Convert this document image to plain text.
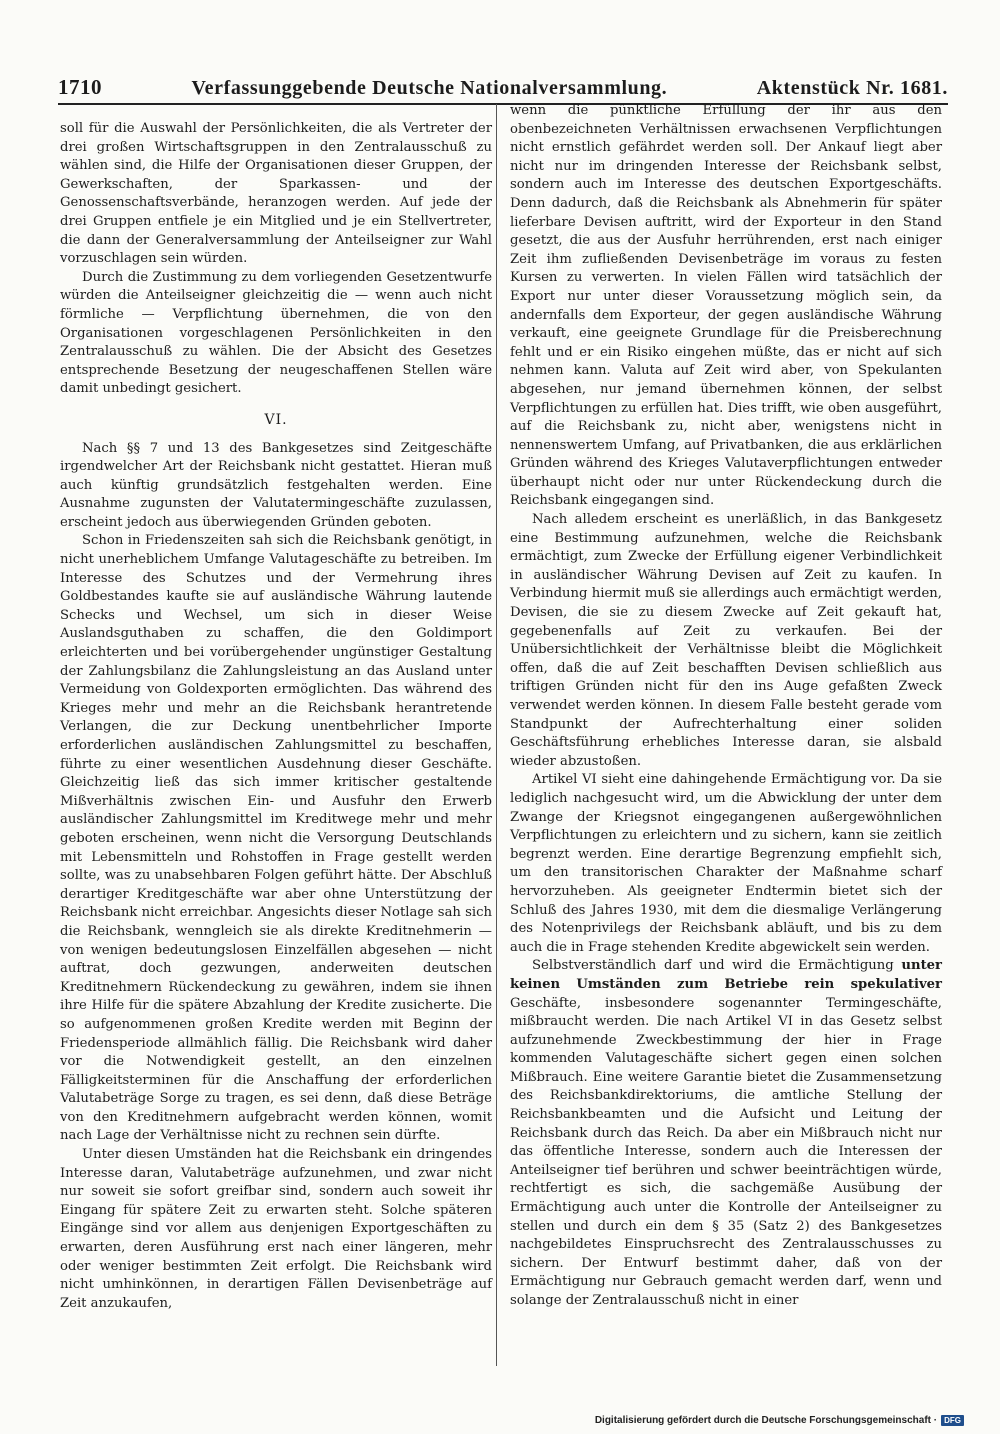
1710	Verfassunggebende Deutsche Nationalversammlung.	Aktenstück Nr. 1681.

soll für die Auswahl der Persönlichkeiten, die als Vertreter der drei großen Wirtschaftsgruppen in den Zentralausschuß zu wählen sind, die Hilfe der Organisationen dieser Gruppen, der Gewerkschaften, der Sparkassen- und der Genossenschaftsverbände, heranzogen werden. Auf jede der drei Gruppen entfiele je ein Mitglied und je ein Stellvertreter, die dann der Generalversammlung der Anteilseigner zur Wahl vorzuschlagen sein würden.

Durch die Zustimmung zu dem vorliegenden Gesetzentwurfe würden die Anteilseigner gleichzeitig die — wenn auch nicht förmliche — Verpflichtung übernehmen, die von den Organisationen vorgeschlagenen Persönlichkeiten in den Zentralausschuß zu wählen. Die der Absicht des Gesetzes entsprechende Besetzung der neugeschaffenen Stellen wäre damit unbedingt gesichert.

VI.

Nach §§ 7 und 13 des Bankgesetzes sind Zeitgeschäfte irgendwelcher Art der Reichsbank nicht gestattet. Hieran muß auch künftig grundsätzlich festgehalten werden. Eine Ausnahme zugunsten der Valutatermingeschäfte zuzulassen, erscheint jedoch aus überwiegenden Gründen geboten.

Schon in Friedenszeiten sah sich die Reichsbank genötigt, in nicht unerheblichem Umfange Valutageschäfte zu betreiben. Im Interesse des Schutzes und der Vermehrung ihres Goldbestandes kaufte sie auf ausländische Währung lautende Schecks und Wechsel, um sich in dieser Weise Auslandsguthaben zu schaffen, die den Goldimport erleichterten und bei vorübergehender ungünstiger Gestaltung der Zahlungsbilanz die Zahlungsleistung an das Ausland unter Vermeidung von Goldexporten ermöglichten. Das während des Krieges mehr und mehr an die Reichsbank herantretende Verlangen, die zur Deckung unentbehrlicher Importe erforderlichen ausländischen Zahlungsmittel zu beschaffen, führte zu einer wesentlichen Ausdehnung dieser Geschäfte. Gleichzeitig ließ das sich immer kritischer gestaltende Mißverhältnis zwischen Ein- und Ausfuhr den Erwerb ausländischer Zahlungsmittel im Kreditwege mehr und mehr geboten erscheinen, wenn nicht die Versorgung Deutschlands mit Lebensmitteln und Rohstoffen in Frage gestellt werden sollte, was zu unabsehbaren Folgen geführt hätte. Der Abschluß derartiger Kreditgeschäfte war aber ohne Unterstützung der Reichsbank nicht erreichbar. Angesichts dieser Notlage sah sich die Reichsbank, wenngleich sie als direkte Kreditnehmerin — von wenigen bedeutungslosen Einzelfällen abgesehen — nicht auftrat, doch gezwungen, anderweiten deutschen Kreditnehmern Rückendeckung zu gewähren, indem sie ihnen ihre Hilfe für die spätere Abzahlung der Kredite zusicherte. Die so aufgenommenen großen Kredite werden mit Beginn der Friedensperiode allmählich fällig. Die Reichsbank wird daher vor die Notwendigkeit gestellt, an den einzelnen Fälligkeitsterminen für die Anschaffung der erforderlichen Valutabeträge Sorge zu tragen, es sei denn, daß diese Beträge von den Kreditnehmern aufgebracht werden können, womit nach Lage der Verhältnisse nicht zu rechnen sein dürfte.

Unter diesen Umständen hat die Reichsbank ein dringendes Interesse daran, Valutabeträge aufzunehmen, und zwar nicht nur soweit sie sofort greifbar sind, sondern auch soweit ihr Eingang für spätere Zeit zu erwarten steht. Solche späteren Eingänge sind vor allem aus denjenigen Exportgeschäften zu erwarten, deren Ausführung erst nach einer längeren, mehr oder weniger bestimmten Zeit erfolgt. Die Reichsbank wird nicht umhinkönnen, in derartigen Fällen Devisenbeträge auf Zeit anzukaufen,

wenn die pünktliche Erfüllung der ihr aus den obenbezeichneten Verhältnissen erwachsenen Verpflichtungen nicht ernstlich gefährdet werden soll. Der Ankauf liegt aber nicht nur im dringenden Interesse der Reichsbank selbst, sondern auch im Interesse des deutschen Exportgeschäfts. Denn dadurch, daß die Reichsbank als Abnehmerin für später lieferbare Devisen auftritt, wird der Exporteur in den Stand gesetzt, die aus der Ausfuhr herrührenden, erst nach einiger Zeit ihm zufließenden Devisenbeträge im voraus zu festen Kursen zu verwerten. In vielen Fällen wird tatsächlich der Export nur unter dieser Voraussetzung möglich sein, da andernfalls dem Exporteur, der gegen ausländische Währung verkauft, eine geeignete Grundlage für die Preisberechnung fehlt und er ein Risiko eingehen müßte, das er nicht auf sich nehmen kann. Valuta auf Zeit wird aber, von Spekulanten abgesehen, nur jemand übernehmen können, der selbst Verpflichtungen zu erfüllen hat. Dies trifft, wie oben ausgeführt, auf die Reichsbank zu, nicht aber, wenigstens nicht in nennenswertem Umfang, auf Privatbanken, die aus erklärlichen Gründen während des Krieges Valutaverpflichtungen entweder überhaupt nicht oder nur unter Rückendeckung durch die Reichsbank eingegangen sind.

Nach alledem erscheint es unerläßlich, in das Bankgesetz eine Bestimmung aufzunehmen, welche die Reichsbank ermächtigt, zum Zwecke der Erfüllung eigener Verbindlichkeit in ausländischer Währung Devisen auf Zeit zu kaufen. In Verbindung hiermit muß sie allerdings auch ermächtigt werden, Devisen, die sie zu diesem Zwecke auf Zeit gekauft hat, gegebenenfalls auf Zeit zu verkaufen. Bei der Unübersichtlichkeit der Verhältnisse bleibt die Möglichkeit offen, daß die auf Zeit beschafften Devisen schließlich aus triftigen Gründen nicht für den ins Auge gefaßten Zweck verwendet werden können. In diesem Falle besteht gerade vom Standpunkt der Aufrechterhaltung einer soliden Geschäftsführung erhebliches Interesse daran, sie alsbald wieder abzustoßen.

Artikel VI sieht eine dahingehende Ermächtigung vor. Da sie lediglich nachgesucht wird, um die Abwicklung der unter dem Zwange der Kriegsnot eingegangenen außergewöhnlichen Verpflichtungen zu erleichtern und zu sichern, kann sie zeitlich begrenzt werden. Eine derartige Begrenzung empfiehlt sich, um den transitorischen Charakter der Maßnahme scharf hervorzuheben. Als geeigneter Endtermin bietet sich der Schluß des Jahres 1930, mit dem die diesmalige Verlängerung des Notenprivilegs der Reichsbank abläuft, und bis zu dem auch die in Frage stehenden Kredite abgewickelt sein werden.

Selbstverständlich darf und wird die Ermächtigung unter keinen Umständen zum Betriebe rein spekulativer Geschäfte, insbesondere sogenannter Termingeschäfte, mißbraucht werden. Die nach Artikel VI in das Gesetz selbst aufzunehmende Zweckbestimmung der hier in Frage kommenden Valutageschäfte sichert gegen einen solchen Mißbrauch. Eine weitere Garantie bietet die Zusammensetzung des Reichsbankdirektoriums, die amtliche Stellung der Reichsbankbeamten und die Aufsicht und Leitung der Reichsbank durch das Reich. Da aber ein Mißbrauch nicht nur das öffentliche Interesse, sondern auch die Interessen der Anteilseigner tief berühren und schwer beeinträchtigen würde, rechtfertigt es sich, die sachgemäße Ausübung der Ermächtigung auch unter die Kontrolle der Anteilseigner zu stellen und durch ein dem § 35 (Satz 2) des Bankgesetzes nachgebildetes Einspruchsrecht des Zentralausschusses zu sichern. Der Entwurf bestimmt daher, daß von der Ermächtigung nur Gebrauch gemacht werden darf, wenn und solange der Zentralausschuß nicht in einer

Digitalisierung gefördert durch die Deutsche Forschungsgemeinschaft · DFG
